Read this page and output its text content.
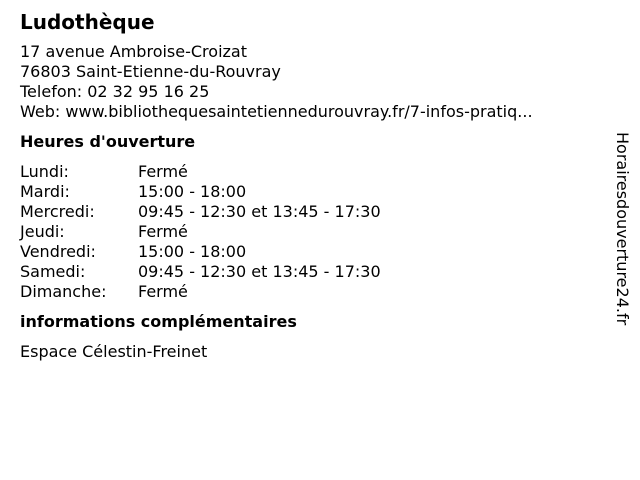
Ludothèque
17 avenue Ambroise-Croizat
76803 Saint-Etienne-du-Rouvray
Telefon: 02 32 95 16 25
Web: www.bibliothequesaintetiennedurouvray.fr/7-infos-pratiq...
Heures d'ouverture
Lundi:	Fermé
Mardi:	15:00 - 18:00
Mercredi:	09:45 - 12:30 et 13:45 - 17:30
Jeudi:	Fermé
Vendredi:	15:00 - 18:00
Samedi:	09:45 - 12:30 et 13:45 - 17:30
Dimanche:	Fermé
informations complémentaires
Espace Célestin-Freinet
Horairesdouverture24.fr
